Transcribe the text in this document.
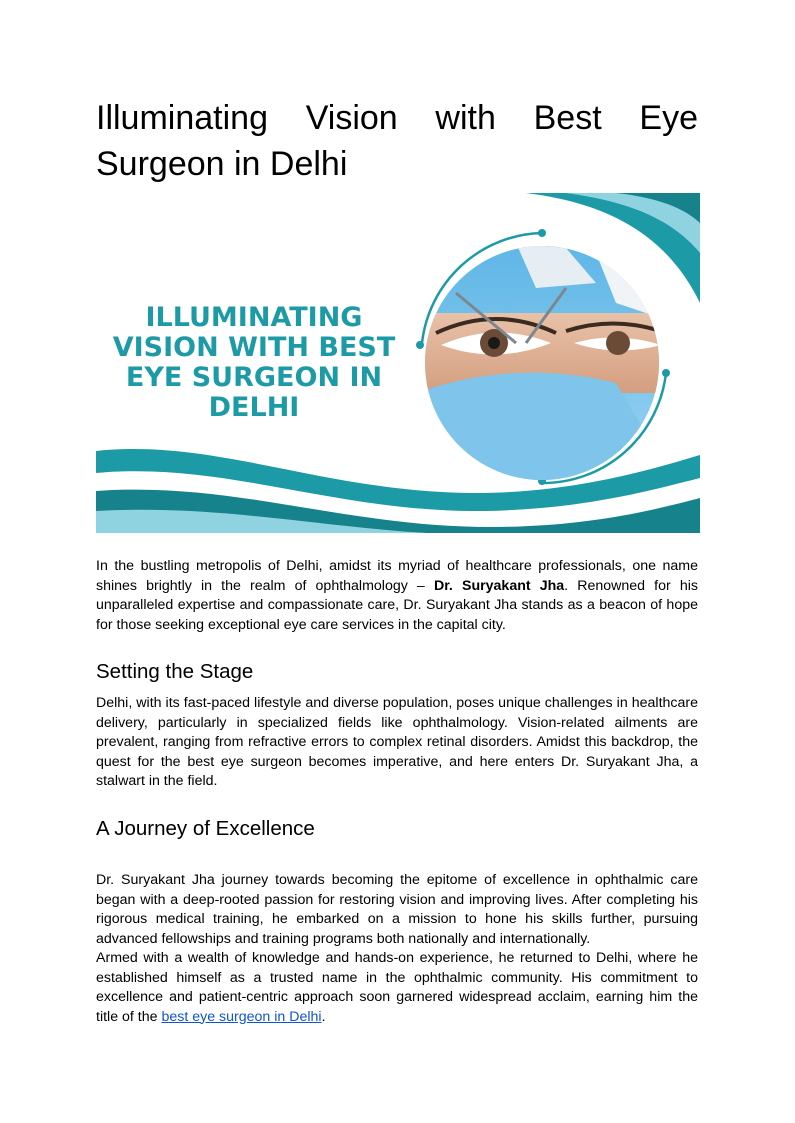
Illuminating Vision with Best Eye
Surgeon in Delhi
ILLUMINATING
VISION WITH BEST
EYE SURGEON IN
DELHI

In the bustling metropolis of Delhi, amidst its myriad of healthcare professionals, one name shines brightly in the realm of ophthalmology – Dr. Suryakant Jha. Renowned for his unparalleled expertise and compassionate care, Dr. Suryakant Jha stands as a beacon of hope for those seeking exceptional eye care services in the capital city.

Setting the Stage

Delhi, with its fast-paced lifestyle and diverse population, poses unique challenges in healthcare delivery, particularly in specialized fields like ophthalmology. Vision-related ailments are prevalent, ranging from refractive errors to complex retinal disorders. Amidst this backdrop, the quest for the best eye surgeon becomes imperative, and here enters Dr. Suryakant Jha, a stalwart in the field.

A Journey of Excellence

Dr. Suryakant Jha journey towards becoming the epitome of excellence in ophthalmic care began with a deep-rooted passion for restoring vision and improving lives. After completing his rigorous medical training, he embarked on a mission to hone his skills further, pursuing advanced fellowships and training programs both nationally and internationally.

Armed with a wealth of knowledge and hands-on experience, he returned to Delhi, where he established himself as a trusted name in the ophthalmic community. His commitment to excellence and patient-centric approach soon garnered widespread acclaim, earning him the title of the best eye surgeon in Delhi.
